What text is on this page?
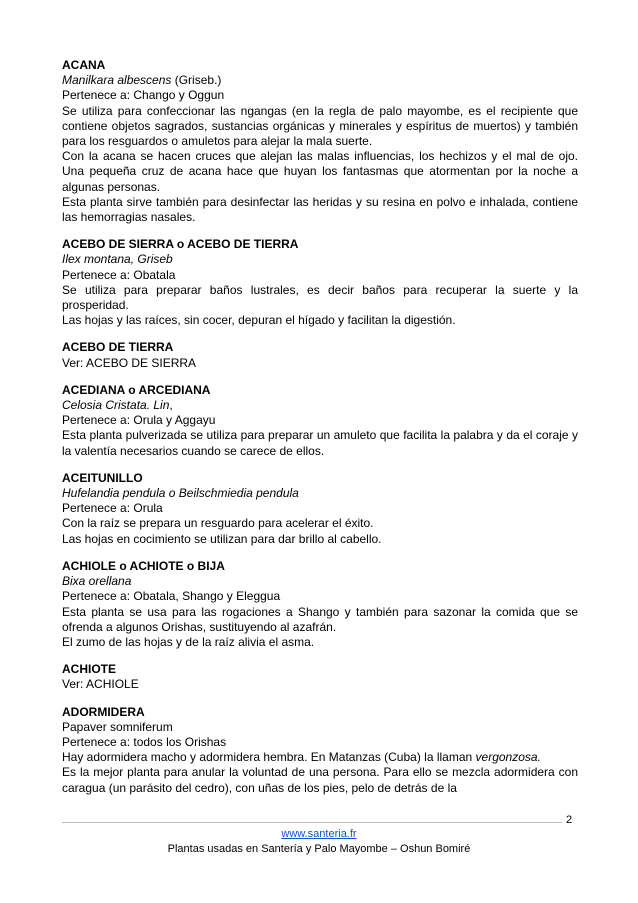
ACANA
Manilkara albescens (Griseb.)
Pertenece a: Chango y Oggun
Se utiliza para confeccionar las ngangas (en la regla de palo mayombe, es el recipiente que contiene objetos sagrados, sustancias orgánicas y minerales y espíritus de muertos) y también para los resguardos o amuletos para alejar la mala suerte.
Con la acana se hacen cruces que alejan las malas influencias, los hechizos y el mal de ojo. Una pequeña cruz de acana hace que huyan los fantasmas que atormentan por la noche a algunas personas.
Esta planta sirve también para desinfectar las heridas y su resina en polvo e inhalada, contiene las hemorragias nasales.
ACEBO DE SIERRA o ACEBO DE TIERRA
Ilex montana, Griseb
Pertenece a: Obatala
Se utiliza para preparar baños lustrales, es decir baños para recuperar la suerte y la prosperidad.
Las hojas y las raíces, sin cocer, depuran el hígado y facilitan la digestión.
ACEBO DE TIERRA
Ver: ACEBO DE SIERRA
ACEDIANA o ARCEDIANA
Celosia Cristata. Lin,
Pertenece a: Orula y Aggayu
Esta planta pulverizada se utiliza para preparar un amuleto que facilita la palabra y da el coraje y la valentía necesarios cuando se carece de ellos.
ACEITUNILLO
Hufelandia pendula o Beilschmiedia pendula
Pertenece a: Orula
Con la raíz se prepara un resguardo para acelerar el éxito.
Las hojas en cocimiento se utilizan para dar brillo al cabello.
ACHIOLE o ACHIOTE o BIJA
Bixa orellana
Pertenece a: Obatala, Shango y Eleggua
Esta planta se usa para las rogaciones a Shango y también para sazonar la comida que se ofrenda a algunos Orishas, sustituyendo al azafrán.
El zumo de las hojas y de la raíz alivia el asma.
ACHIOTE
Ver: ACHIOLE
ADORMIDERA
Papaver somniferum
Pertenece a: todos los Orishas
Hay adormidera macho y adormidera hembra. En Matanzas (Cuba) la llaman vergonzosa.
Es la mejor planta para anular la voluntad de una persona. Para ello se mezcla adormidera con caragua (un parásito del cedro), con uñas de los pies, pelo de detrás de la
2
www.santeria.fr
Plantas usadas en Santería y Palo Mayombe – Oshun Bomiré
